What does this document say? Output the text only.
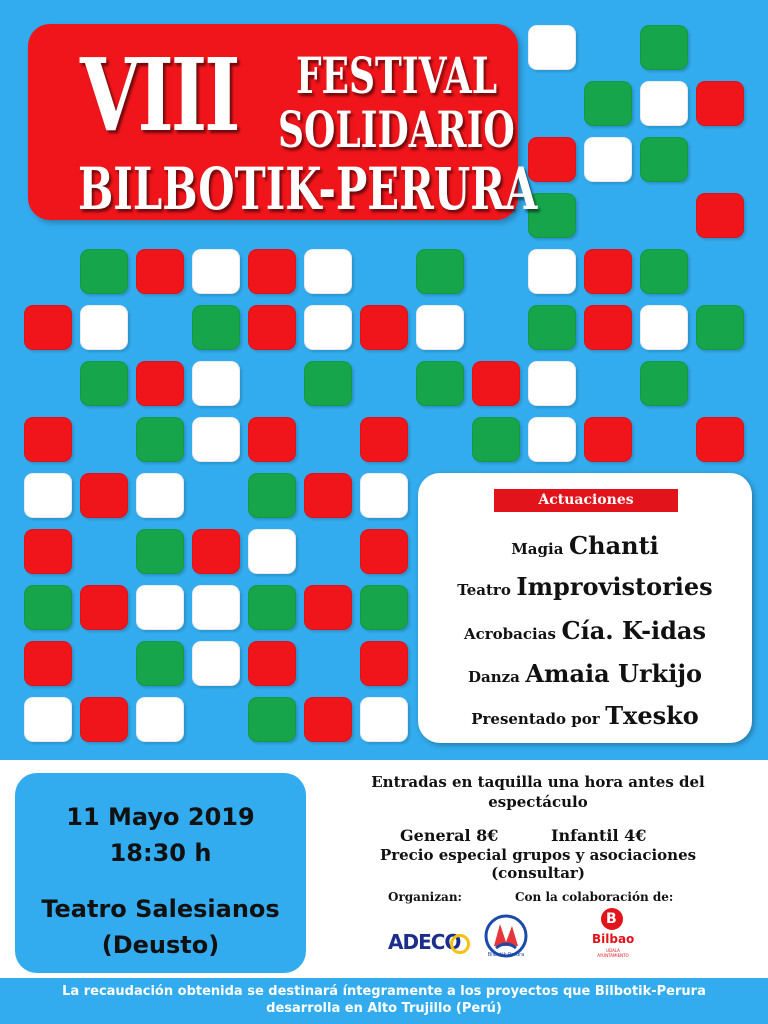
VIII FESTIVAL
SOLIDARIO
BILBOTIK-PERURA
Actuaciones
Magia Chanti
Teatro Improvistories
Acrobacias Cía. K-idas
Danza Amaia Urkijo
Presentado por Txesko
11 Mayo 2019
18:30 h
Teatro Salesianos
(Deusto)
Entradas en taquilla una hora antes del
espectáculo
General 8€	Infantil 4€
Precio especial grupos y asociaciones
(consultar)
Organizan:	Con la colaboración de:
ADECO
Bilbotik Perura
B
Bilbao
UDALA
AYUNTAMIENTO
La recaudación obtenida se destinará íntegramente a los proyectos que Bilbotik-Perura
desarrolla en Alto Trujillo (Perú)
